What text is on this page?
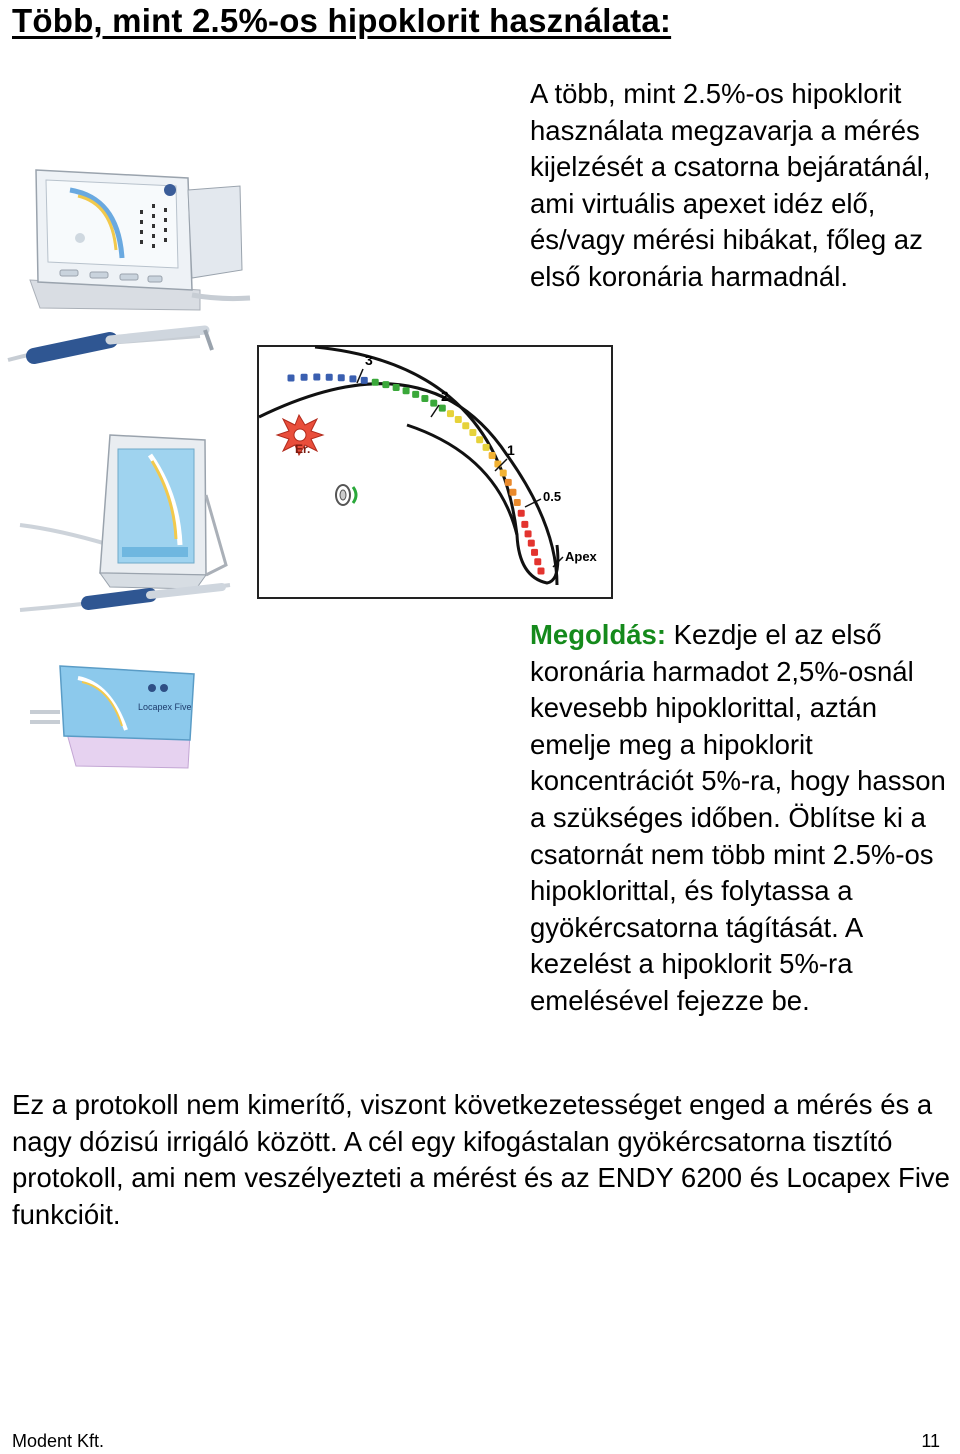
Több, mint 2.5%-os hipoklorit használata:
3
2
1
0.5
Apex
Er.
Locapex Five

A több, mint 2.5%-os hipoklorit használata megzavarja a mérés kijelzését a csatorna bejáratánál, ami virtuális apexet idéz elő, és/vagy mérési hibákat, főleg az első koronária harmadnál.

Megoldás: Kezdje el az első koronária harmadot 2,5%-osnál kevesebb hipoklorittal, aztán emelje meg a hipoklorit koncentrációt 5%-ra, hogy hasson a szükséges időben. Öblítse ki a csatornát nem több mint 2.5%-os hipoklorittal, és folytassa a gyökércsatorna tágítását. A kezelést a hipoklorit 5%-ra emelésével fejezze be.

Ez a protokoll nem kimerítő, viszont következetességet enged a mérés és a nagy dózisú irrigáló között. A cél egy kifogástalan gyökércsatorna tisztító protokoll, ami nem veszélyezteti a mérést és az ENDY 6200 és Locapex Five funkcióit.

Modent Kft.	11
